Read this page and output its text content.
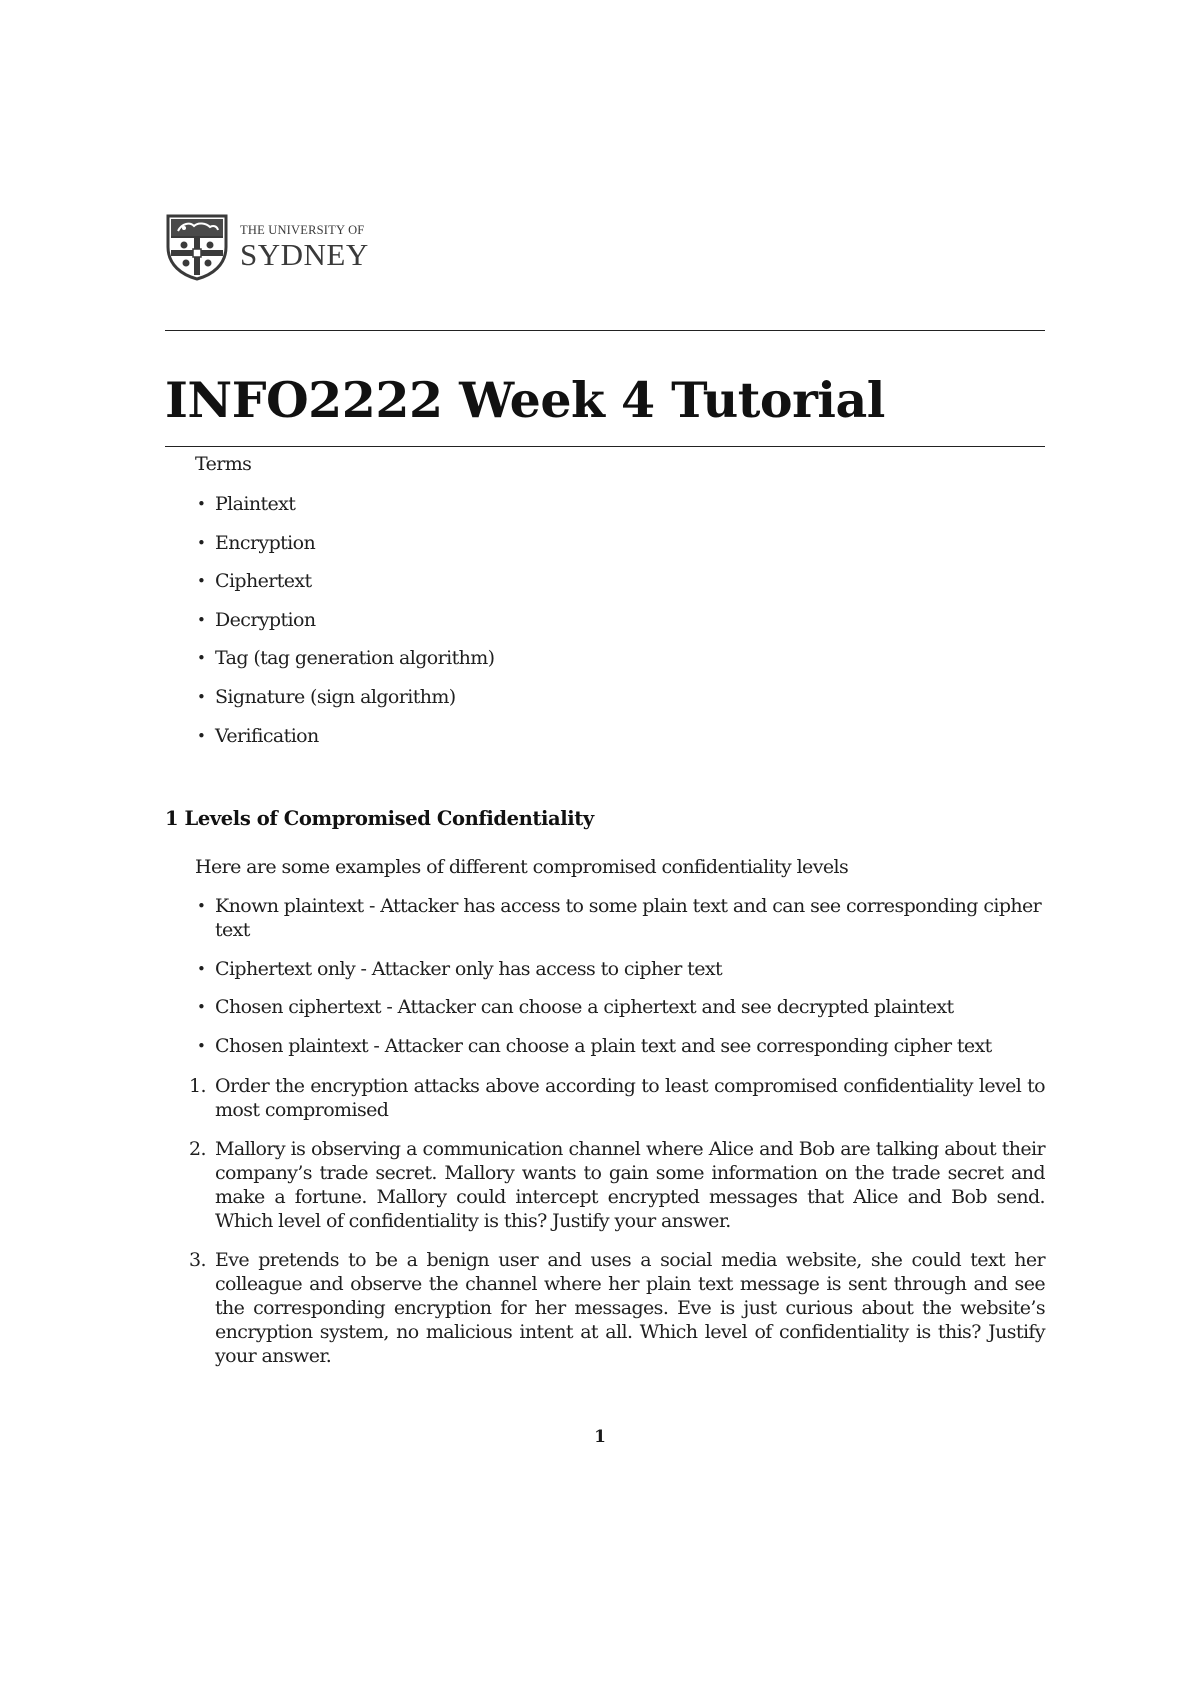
THE UNIVERSITY OF
SYDNEY
INFO2222 Week 4 Tutorial
Terms
• Plaintext
• Encryption
• Ciphertext
• Decryption
• Tag (tag generation algorithm)
• Signature (sign algorithm)
• Verification
1 Levels of Compromised Confidentiality
Here are some examples of different compromised confidentiality levels
• Known plaintext - Attacker has access to some plain text and can see corresponding cipher text
• Ciphertext only - Attacker only has access to cipher text
• Chosen ciphertext - Attacker can choose a ciphertext and see decrypted plaintext
• Chosen plaintext - Attacker can choose a plain text and see corresponding cipher text
1. Order the encryption attacks above according to least compromised confidentiality level to most compromised
2. Mallory is observing a communication channel where Alice and Bob are talking about their company’s trade secret. Mallory wants to gain some information on the trade secret and make a fortune. Mallory could intercept encrypted messages that Alice and Bob send. Which level of confidentiality is this? Justify your answer.
3. Eve pretends to be a benign user and uses a social media website, she could text her colleague and observe the channel where her plain text message is sent through and see the corresponding encryption for her messages. Eve is just curious about the website’s encryption system, no malicious intent at all. Which level of confidentiality is this? Justify your answer.
1
